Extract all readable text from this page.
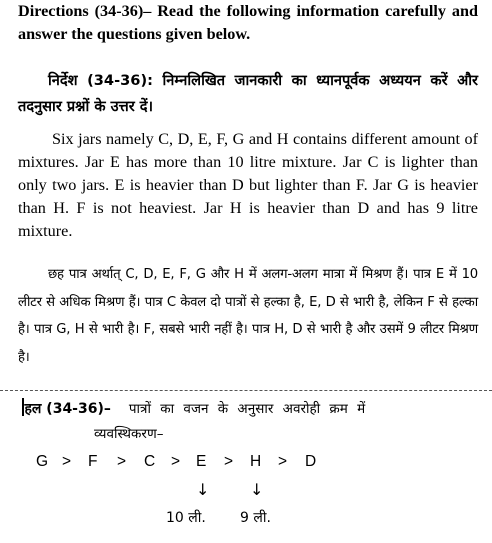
Directions (34-36)– Read the following information carefully and answer the questions given below.
निर्देश (34-36): निम्नलिखित जानकारी का ध्यानपूर्वक अध्ययन करें और तदनुसार प्रश्नों के उत्तर दें।
Six jars namely C, D, E, F, G and H contains different amount of mixtures. Jar E has more than 10 litre mixture. Jar C is lighter than only two jars. E is heavier than D but lighter than F. Jar G is heavier than H. F is not heaviest. Jar H is heavier than D and has 9 litre mixture.
छह पात्र अर्थात् C, D, E, F, G और H में अलग-अलग मात्रा में मिश्रण हैं। पात्र E में 10 लीटर से अधिक मिश्रण हैं। पात्र C केवल दो पात्रों से हल्का है, E, D से भारी है, लेकिन F से हल्का है। पात्र G, H से भारी है। F, सबसे भारी नहीं है। पात्र H, D से भारी है और उसमें 9 लीटर मिश्रण है।
हल (34-36)– पात्रों का वजन के अनुसार अवरोही क्रम में
व्यवस्थिकरण–
G > F > C > E > H > D
↓	↓
10 ली. 9 ली.
